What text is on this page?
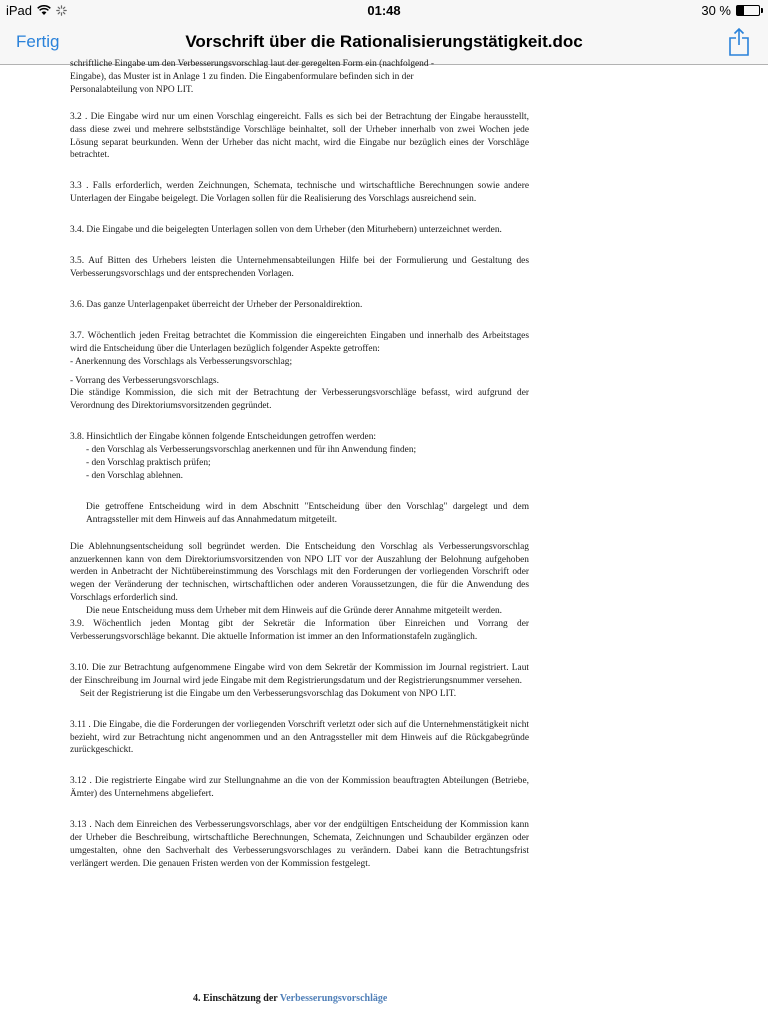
iPad	01:48	30 %
Fertig	Vorschrift über die Rationalisierungstätigkeit.doc

schriftliche Eingabe um den Verbesserungsvorschlag laut der geregelten Form ein (nachfolgend -

Eingabe), das Muster ist in Anlage 1 zu finden. Die Eingabenformulare befinden sich in der

Personalabteilung von NPO LIT.

3.2 . Die Eingabe wird nur um einen Vorschlag eingereicht. Falls es sich bei der Betrachtung der Eingabe herausstellt, dass diese zwei und mehrere selbstständige Vorschläge beinhaltet, soll der Urheber innerhalb von zwei Wochen jede Lösung separat beurkunden. Wenn der Urheber das nicht macht, wird die Eingabe nur bezüglich eines der Vorschläge betrachtet.

3.3 . Falls erforderlich, werden Zeichnungen, Schemata, technische und wirtschaftliche Berechnungen sowie andere Unterlagen der Eingabe beigelegt. Die Vorlagen sollen für die Realisierung des Vorschlags ausreichend sein.

3.4. Die Eingabe und die beigelegten Unterlagen sollen von dem Urheber (den Miturhebern) unterzeichnet werden.

3.5. Auf Bitten des Urhebers leisten die Unternehmensabteilungen Hilfe bei der Formulierung und Gestaltung des Verbesserungsvorschlags und der entsprechenden Vorlagen.

3.6. Das ganze Unterlagenpaket überreicht der Urheber der Personaldirektion.

3.7. Wöchentlich jeden Freitag betrachtet die Kommission die eingereichten Eingaben und innerhalb des Arbeitstages wird die Entscheidung über die Unterlagen bezüglich folgender Aspekte getroffen:

- Anerkennung des Vorschlags als Verbesserungsvorschlag;

- Vorrang des Verbesserungsvorschlags.

Die ständige Kommission, die sich mit der Betrachtung der Verbesserungsvorschläge befasst, wird aufgrund der Verordnung des Direktoriumsvorsitzenden gegründet.

3.8. Hinsichtlich der Eingabe können folgende Entscheidungen getroffen werden:

- den Vorschlag als Verbesserungsvorschlag anerkennen und für ihn Anwendung finden;

- den Vorschlag praktisch prüfen;

- den Vorschlag ablehnen.

Die getroffene Entscheidung wird in dem Abschnitt "Entscheidung über den Vorschlag" dargelegt und dem Antragssteller mit dem Hinweis auf das Annahmedatum mitgeteilt.

Die Ablehnungsentscheidung soll begründet werden. Die Entscheidung den Vorschlag als Verbesserungsvorschlag anzuerkennen kann von dem Direktoriumsvorsitzenden von NPO LIT vor der Auszahlung der Belohnung aufgehoben werden in Anbetracht der Nichtübereinstimmung des Vorschlags mit den Forderungen der vorliegenden Vorschrift oder wegen der Veränderung der technischen, wirtschaftlichen oder anderen Voraussetzungen, die für die Anwendung des Vorschlags erforderlich sind.

Die neue Entscheidung muss dem Urheber mit dem Hinweis auf die Gründe derer Annahme mitgeteilt werden.

3.9. Wöchentlich jeden Montag gibt der Sekretär die Information über Einreichen und Vorrang der Verbesserungsvorschläge bekannt. Die aktuelle Information ist immer an den Informationstafeln zugänglich.

3.10. Die zur Betrachtung aufgenommene Eingabe wird von dem Sekretär der Kommission im Journal registriert. Laut der Einschreibung im Journal wird jede Eingabe mit dem Registrierungsdatum und der Registrierungsnummer versehen.

Seit der Registrierung ist die Eingabe um den Verbesserungsvorschlag das Dokument von NPO LIT.

3.11 . Die Eingabe, die die Forderungen der vorliegenden Vorschrift verletzt oder sich auf die Unternehmenstätigkeit nicht bezieht, wird zur Betrachtung nicht angenommen und an den Antragssteller mit dem Hinweis auf die Rückgabegründe zurückgeschickt.

3.12 . Die registrierte Eingabe wird zur Stellungnahme an die von der Kommission beauftragten Abteilungen (Betriebe, Ämter) des Unternehmens abgeliefert.

3.13 . Nach dem Einreichen des Verbesserungsvorschlags, aber vor der endgültigen Entscheidung der Kommission kann der Urheber die Beschreibung, wirtschaftliche Berechnungen, Schemata, Zeichnungen und Schaubilder ergänzen oder umgestalten, ohne den Sachverhalt des Verbesserungsvorschlages zu verändern. Dabei kann die Betrachtungsfrist verlängert werden. Die genauen Fristen werden von der Kommission festgelegt.

4. Einschätzung der Verbesserungsvorschläge
